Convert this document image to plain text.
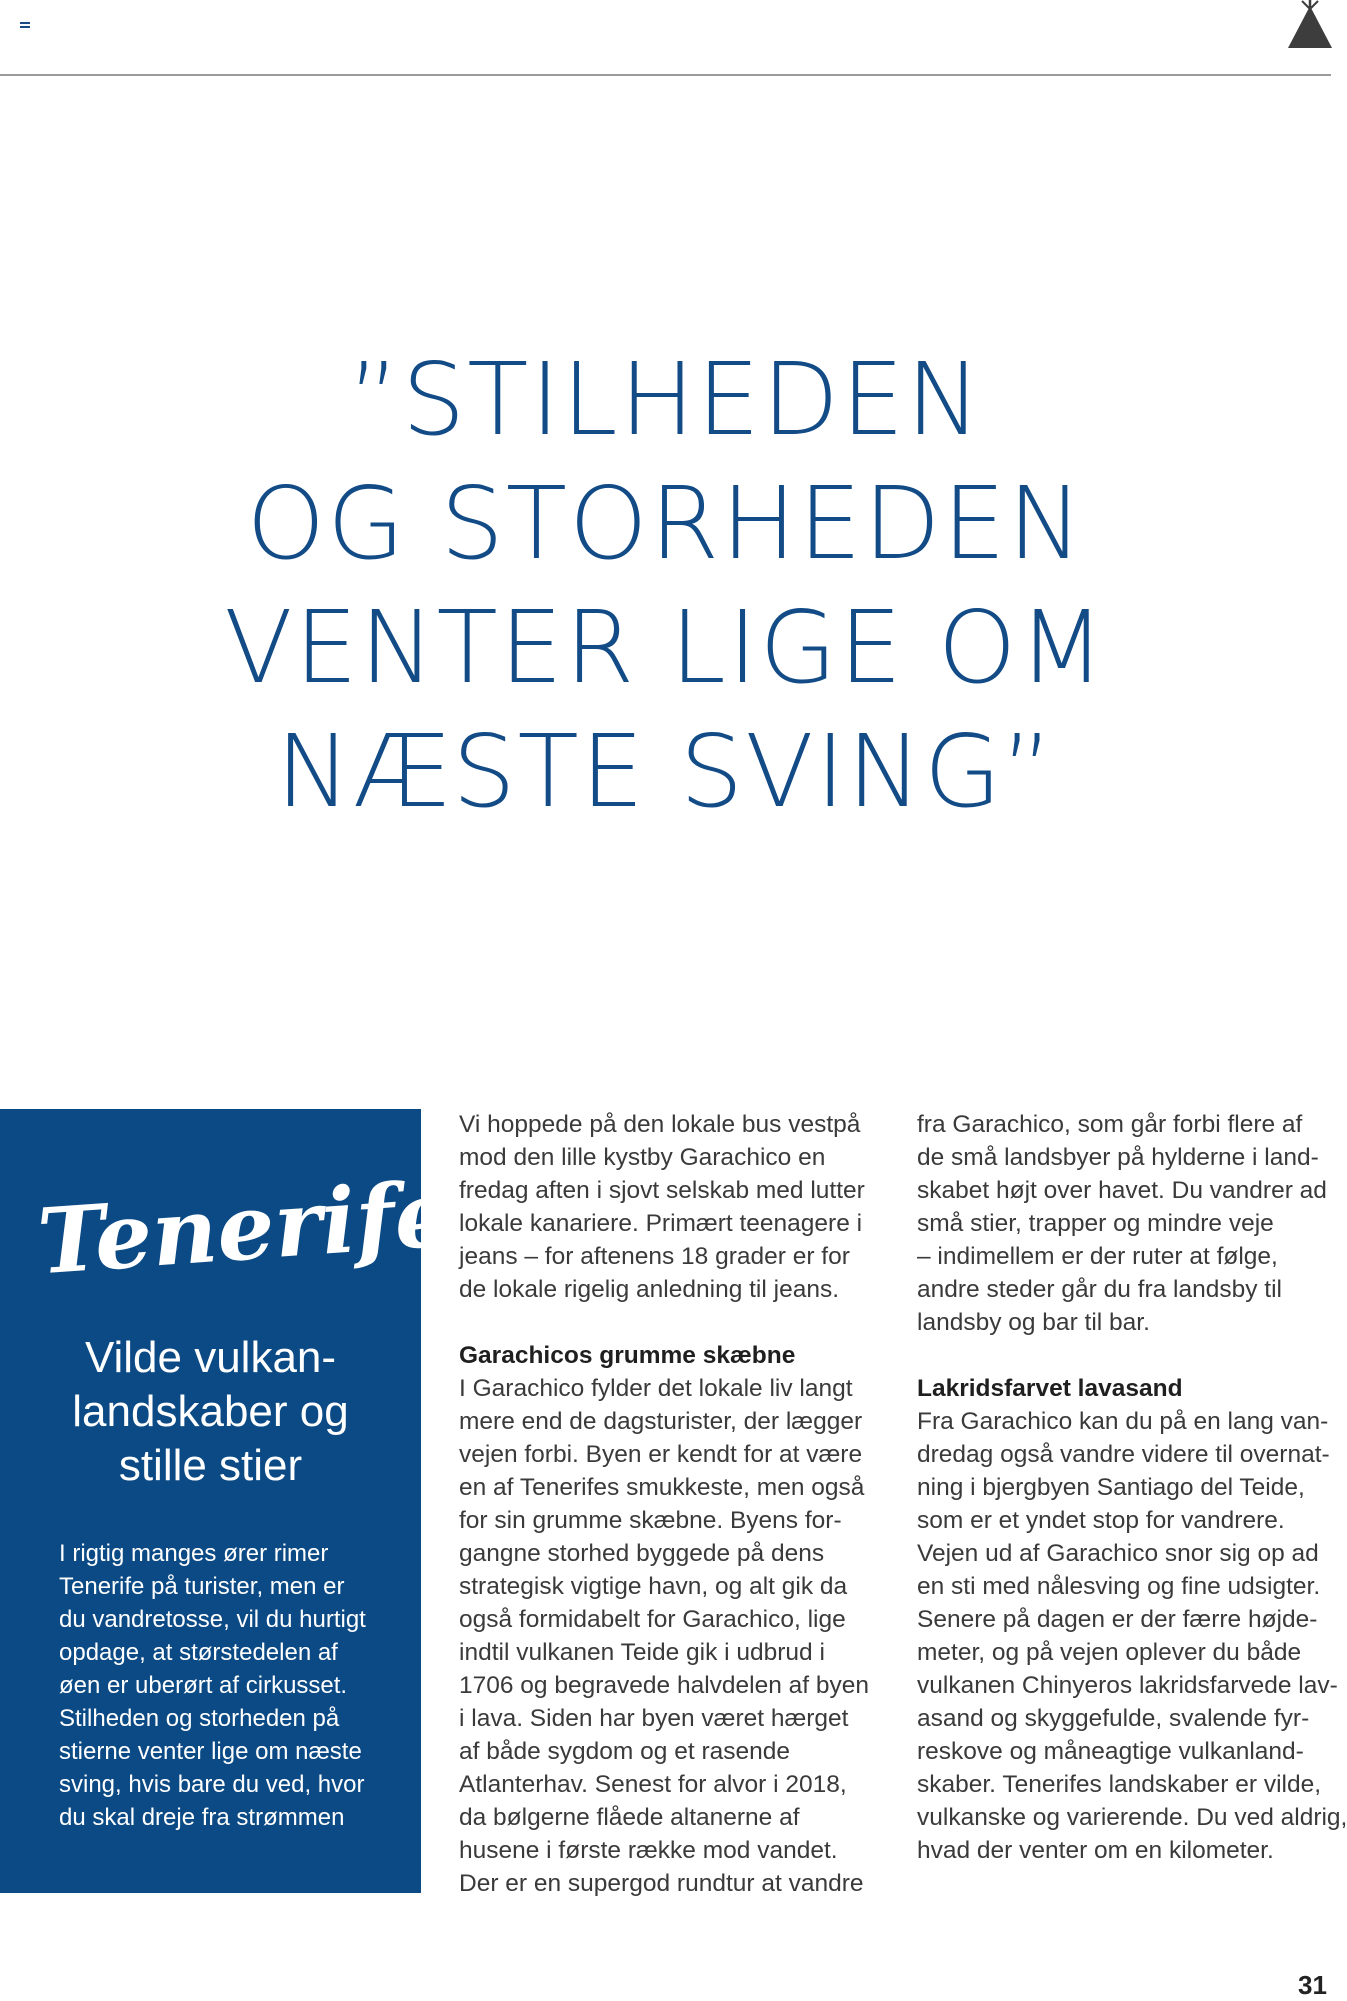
”STILHEDEN
OG STORHEDEN
VENTER LIGE OM
NÆSTE SVING”
Tenerife
Vilde vulkan-
landskaber og
stille stier
I rigtig manges ører rimer
Tenerife på turister, men er
du vandretosse, vil du hurtigt
opdage, at størstedelen af
øen er uberørt af cirkusset.
Stilheden og storheden på
stierne venter lige om næste
sving, hvis bare du ved, hvor
du skal dreje fra strømmen
Vi hoppede på den lokale bus vestpå
mod den lille kystby Garachico en
fredag aften i sjovt selskab med lutter
lokale kanariere. Primært teenagere i
jeans – for aftenens 18 grader er for
de lokale rigelig anledning til jeans.
Garachicos grumme skæbne
I Garachico fylder det lokale liv langt
mere end de dagsturister, der lægger
vejen forbi. Byen er kendt for at være
en af Tenerifes smukkeste, men også
for sin grumme skæbne. Byens for-
gangne storhed byggede på dens
strategisk vigtige havn, og alt gik da
også formidabelt for Garachico, lige
indtil vulkanen Teide gik i udbrud i
1706 og begravede halvdelen af byen
i lava. Siden har byen været hærget
af både sygdom og et rasende
Atlanterhav. Senest for alvor i 2018,
da bølgerne flåede altanerne af
husene i første række mod vandet.
Der er en supergod rundtur at vandre
fra Garachico, som går forbi flere af
de små landsbyer på hylderne i land-
skabet højt over havet. Du vandrer ad
små stier, trapper og mindre veje
– indimellem er der ruter at følge,
andre steder går du fra landsby til
landsby og bar til bar.
Lakridsfarvet lavasand
Fra Garachico kan du på en lang van-
dredag også vandre videre til overnat-
ning i bjergbyen Santiago del Teide,
som er et yndet stop for vandrere.
Vejen ud af Garachico snor sig op ad
en sti med nålesving og fine udsigter.
Senere på dagen er der færre højde-
meter, og på vejen oplever du både
vulkanen Chinyeros lakridsfarvede lav-
asand og skyggefulde, svalende fyr-
reskove og måneagtige vulkanland-
skaber. Tenerifes landskaber er vilde,
vulkanske og varierende. Du ved aldrig,
hvad der venter om en kilometer.
31
